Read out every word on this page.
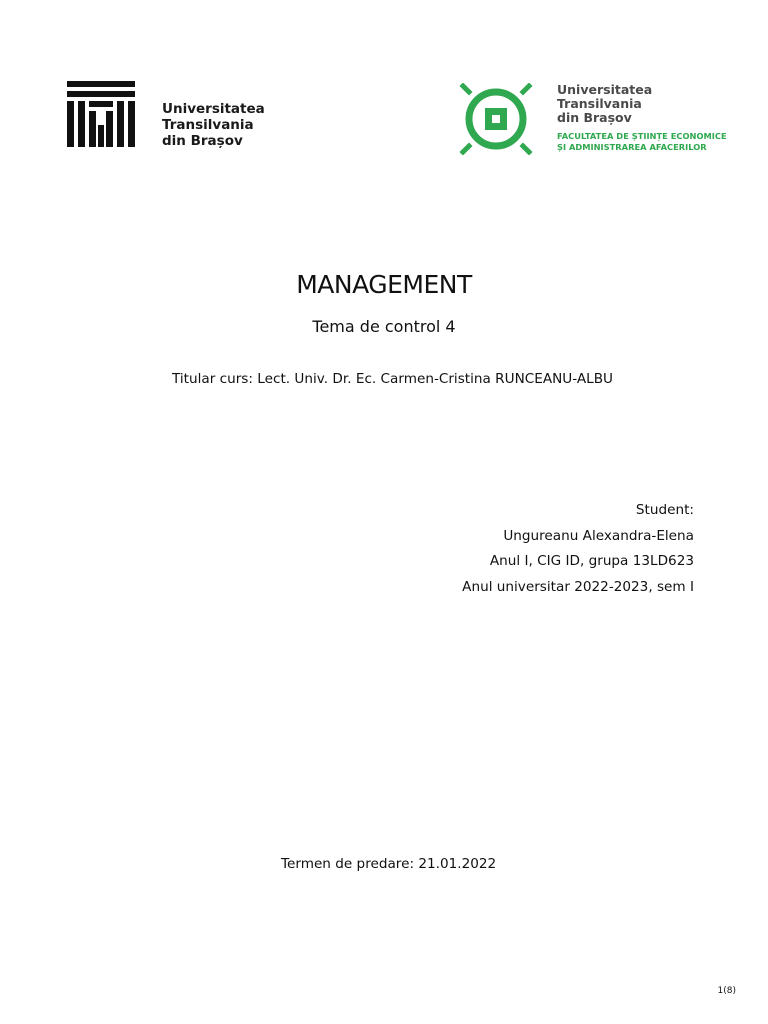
Universitatea
Transilvania
din Brașov
Universitatea
Transilvania
din Brașov
FACULTATEA DE ȘTIINȚE ECONOMICE
ȘI ADMINISTRAREA AFACERILOR
MANAGEMENT
Tema de control 4
Titular curs: Lect. Univ. Dr. Ec. Carmen-Cristina RUNCEANU-ALBU
Student:
Ungureanu Alexandra-Elena
Anul I, CIG ID, grupa 13LD623
Anul universitar 2022-2023, sem I
Termen de predare: 21.01.2022
1(8)
